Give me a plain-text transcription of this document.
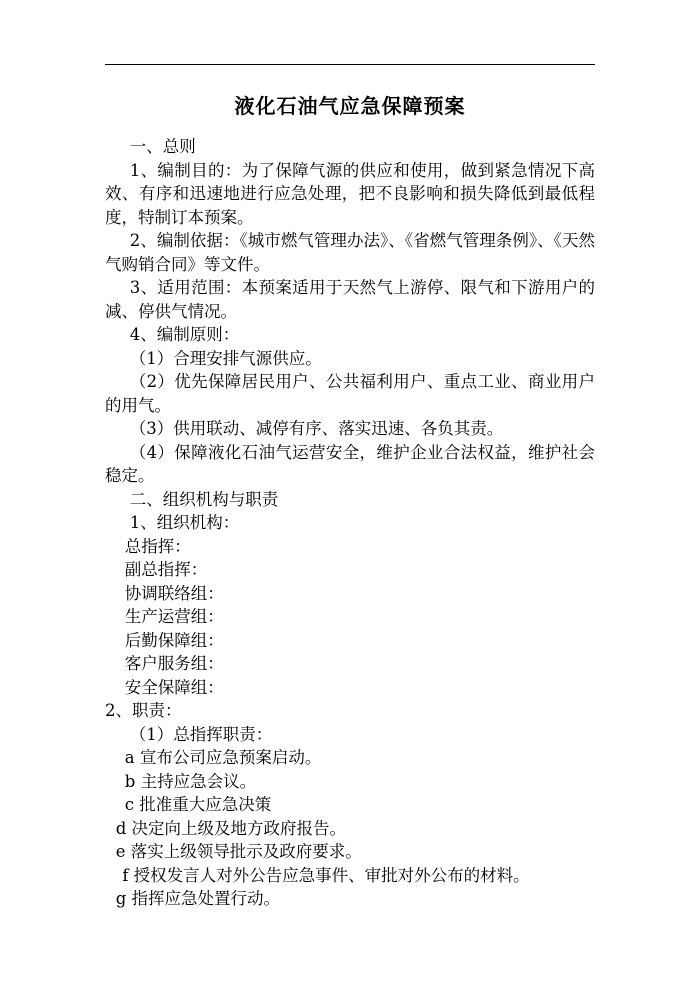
液化石油气应急保障预案

一、总则

1、编制目的：为了保障气源的供应和使用，做到紧急情况下高效、有序和迅速地进行应急处理，把不良影响和损失降低到最低程度，特制订本预案。

2、编制依据：《城市燃气管理办法》、《省燃气管理条例》、《天然气购销合同》等文件。

3、适用范围：本预案适用于天然气上游停、限气和下游用户的减、停供气情况。

4、编制原则：

（1）合理安排气源供应。

（2）优先保障居民用户、公共福利用户、重点工业、商业用户的用气。

（3）供用联动、减停有序、落实迅速、各负其责。

（4）保障液化石油气运营安全，维护企业合法权益，维护社会稳定。

二、组织机构与职责

1、组织机构：

总指挥：

副总指挥：

协调联络组：

生产运营组：

后勤保障组：

客户服务组：

安全保障组：

2、职责：

（1）总指挥职责：

a 宣布公司应急预案启动。

b 主持应急会议。

c 批准重大应急决策

d 决定向上级及地方政府报告。

e 落实上级领导批示及政府要求。

f 授权发言人对外公告应急事件、审批对外公布的材料。

g 指挥应急处置行动。
